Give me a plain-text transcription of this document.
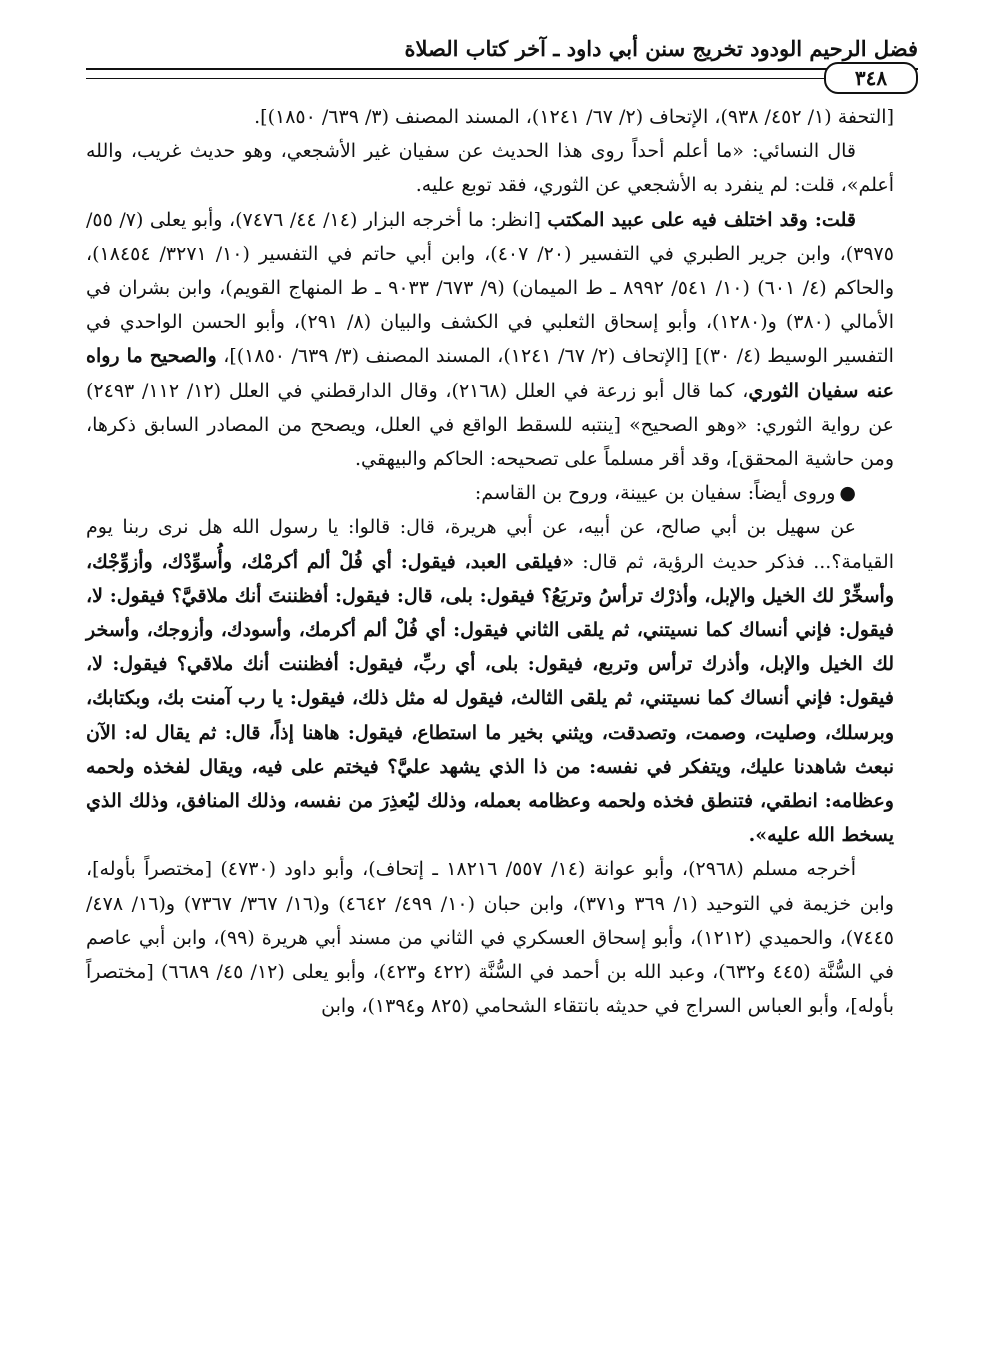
فضل الرحيم الودود تخريج سنن أبي داود ـ آخر كتاب الصلاة
٣٤٨

[التحفة (١/ ٤٥٢/ ٩٣٨)، الإتحاف (٢/ ٦٧/ ١٢٤١)، المسند المصنف (٣/ ٦٣٩/ ١٨٥٠)].

قال النسائي: «ما أعلم أحداً روى هذا الحديث عن سفيان غير الأشجعي، وهو حديث غريب، والله أعلم»، قلت: لم ينفرد به الأشجعي عن الثوري، فقد توبع عليه.

قلت: وقد اختلف فيه على عبيد المكتب [انظر: ما أخرجه البزار (١٤/ ٤٤/ ٧٤٧٦)، وأبو يعلى (٧/ ٥٥/ ٣٩٧٥)، وابن جرير الطبري في التفسير (٢٠/ ٤٠٧)، وابن أبي حاتم في التفسير (١٠/ ٣٢٧١/ ١٨٤٥٤)، والحاكم (٤/ ٦٠١) (١٠/ ٥٤١/ ٨٩٩٢ ـ ط الميمان) (٩/ ٦٧٣/ ٩٠٣٣ ـ ط المنهاج القويم)، وابن بشران في الأمالي (٣٨٠) و(١٢٨٠)، وأبو إسحاق الثعلبي في الكشف والبيان (٨/ ٢٩١)، وأبو الحسن الواحدي في التفسير الوسيط (٤/ ٣٠)] [الإتحاف (٢/ ٦٧/ ١٢٤١)، المسند المصنف (٣/ ٦٣٩/ ١٨٥٠)]، والصحيح ما رواه عنه سفيان الثوري، كما قال أبو زرعة في العلل (٢١٦٨)، وقال الدارقطني في العلل (١٢/ ١١٢/ ٢٤٩٣) عن رواية الثوري: «وهو الصحيح» [ينتبه للسقط الواقع في العلل، ويصحح من المصادر السابق ذكرها، ومن حاشية المحقق]، وقد أقر مسلماً على تصحيحه: الحاكم والبيهقي.

●وروى أيضاً: سفيان بن عيينة، وروح بن القاسم:

عن سهيل بن أبي صالح، عن أبيه، عن أبي هريرة، قال: قالوا: يا رسول الله هل نرى ربنا يوم القيامة؟... فذكر حديث الرؤية، ثم قال: «فيلقى العبد، فيقول: أي فُلْ ألم أكرمْك، وأُسوِّدْك، وأزوِّجْك، وأسخِّرْ لك الخيل والإبل، وأذرْك ترأسُ وتربَعُ؟ فيقول: بلى، قال: فيقول: أفظننتَ أنك ملاقيَّ؟ فيقول: لا، فيقول: فإني أنساك كما نسيتني، ثم يلقى الثاني فيقول: أي فُلْ ألم أكرمك، وأسودك، وأزوجك، وأسخر لك الخيل والإبل، وأذرك ترأس وتربع، فيقول: بلى، أي ربِّ، فيقول: أفظننت أنك ملاقي؟ فيقول: لا، فيقول: فإني أنساك كما نسيتني، ثم يلقى الثالث، فيقول له مثل ذلك، فيقول: يا رب آمنت بك، وبكتابك، وبرسلك، وصليت، وصمت، وتصدقت، ويثني بخير ما استطاع، فيقول: هاهنا إذاً، قال: ثم يقال له: الآن نبعث شاهدنا عليك، ويتفكر في نفسه: من ذا الذي يشهد عليَّ؟ فيختم على فيه، ويقال لفخذه ولحمه وعظامه: انطقي، فتنطق فخذه ولحمه وعظامه بعمله، وذلك ليُعذِرَ من نفسه، وذلك المنافق، وذلك الذي يسخط الله عليه».

أخرجه مسلم (٢٩٦٨)، وأبو عوانة (١٤/ ٥٥٧/ ١٨٢١٦ ـ إتحاف)، وأبو داود (٤٧٣٠) [مختصراً بأوله]، وابن خزيمة في التوحيد (١/ ٣٦٩ و٣٧١)، وابن حبان (١٠/ ٤٩٩/ ٤٦٤٢) و(١٦/ ٣٦٧/ ٧٣٦٧) و(١٦/ ٤٧٨/ ٧٤٤٥)، والحميدي (١٢١٢)، وأبو إسحاق العسكري في الثاني من مسند أبي هريرة (٩٩)، وابن أبي عاصم في السُّنَّة (٤٤٥ و٦٣٢)، وعبد الله بن أحمد في السُّنَّة (٤٢٢ و٤٢٣)، وأبو يعلى (١٢/ ٤٥/ ٦٦٨٩) [مختصراً بأوله]، وأبو العباس السراج في حديثه بانتقاء الشحامي (٨٢٥ و١٣٩٤)، وابن
